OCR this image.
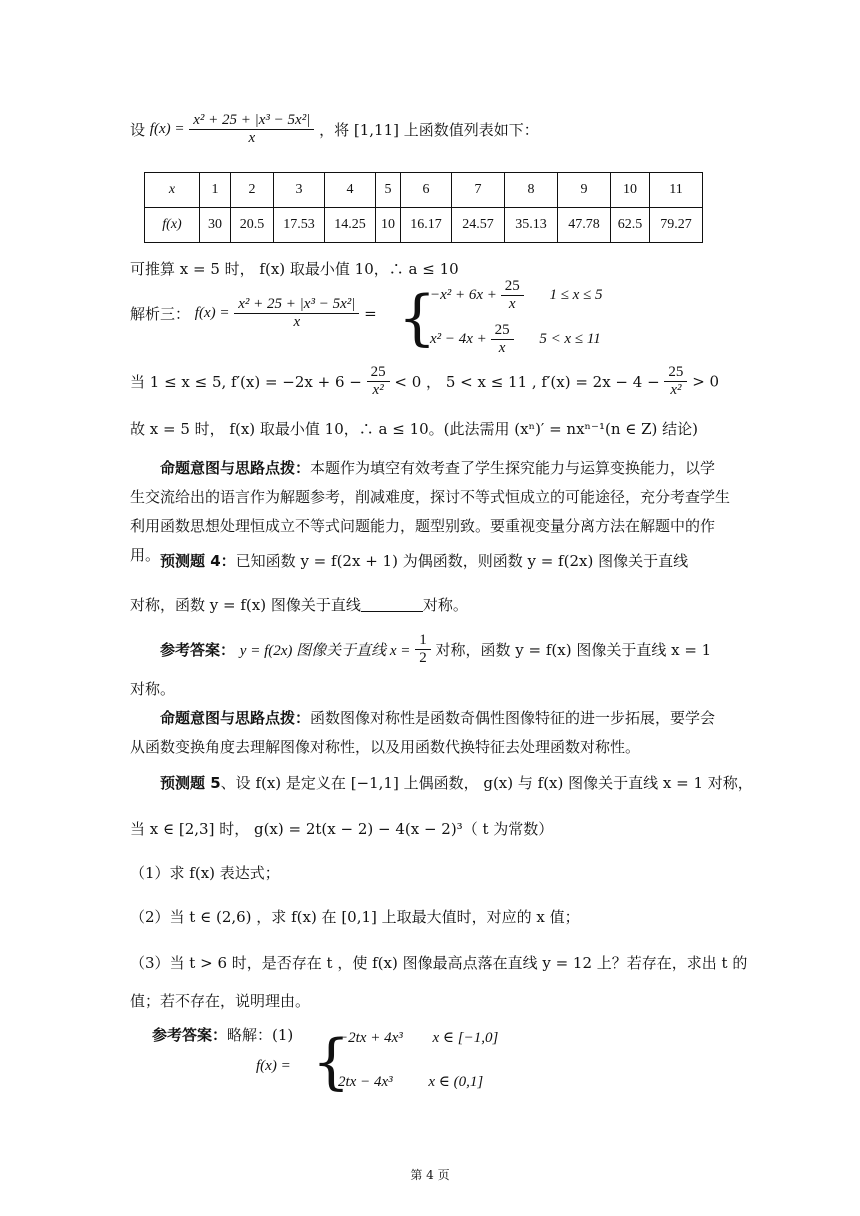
设 $f(x) = \frac{\text{x² + 25 + |x³ − 5x²|}}{x}$ ，将 [1,11] 上函数值列表如下：
x	1	2	3	4	5	6	7	8	9	10	11
f(x)	30	20.5	17.53	14.25	10	16.17	24.57	35.13	47.78	62.5	79.27
可推算 x = 5 时， f(x) 取最小值 10，∴ a ≤ 10
解析三： $f(x) = \frac{\text{x² + 25 + |x³ − 5x²|}}{x}$ = {
$-x^2 + 6x + \frac{25}{x} 1 \le x \le 5$
$x^2 - 4x + \frac{25}{x} 5 < x \le 11$
当 1 ≤ x ≤ 5, $f'(x) = -2x + 6 - \frac{25}{\text{x²}} < 0$ ， 5 < x ≤ 11 , $f'(x) = 2x - 4 - \frac{25}{\text{x²}} > 0$
故 x = 5 时， f(x) 取最小值 10，∴ a ≤ 10。(此法需用 (xⁿ)′ = nxⁿ⁻¹(n ∈ Z) 结论)
命题意图与思路点拨：本题作为填空有效考查了学生探究能力与运算变换能力，以学生交流给出的语言作为解题参考，削减难度，探讨不等式恒成立的可能途径，充分考查学生利用函数思想处理恒成立不等式问题能力，题型别致。要重视变量分离方法在解题中的作用。 预测题 4：已知函数 y = f(2x + 1) 为偶函数，则函数 y = f(2x) 图像关于直线
对称，函数 y = f(x) 图像关于直线	对称。
参考答案： y = f(2x) 图像关于直线 $x = \frac{1}{2}$ 对称，函数 y = f(x) 图像关于直线 x = 1
对称。
命题意图与思路点拨：函数图像对称性是函数奇偶性图像特征的进一步拓展，要学会从函数变换角度去理解图像对称性，以及用函数代换特征去处理函数对称性。
预测题 5、设 f(x) 是定义在 [−1,1] 上偶函数， g(x) 与 f(x) 图像关于直线 x = 1 对称，
当 x ∈ [2,3] 时， g(x) = 2t(x − 2) − 4(x − 2)³（ t 为常数）
（1）求 f(x) 表达式；
（2）当 t ∈ (2,6) ，求 f(x) 在 [0,1] 上取最大值时，对应的 x 值；
（3）当 t > 6 时，是否存在 t ，使 f(x) 图像最高点落在直线 y = 12 上？若存在，求出 t 的
值；若不存在，说明理由。
参考答案：略解：(1)
f(x) = {
−2tx + 4x³ x ∈ [−1,0]
2tx − 4x³ x ∈ (0,1]
第 4 页
